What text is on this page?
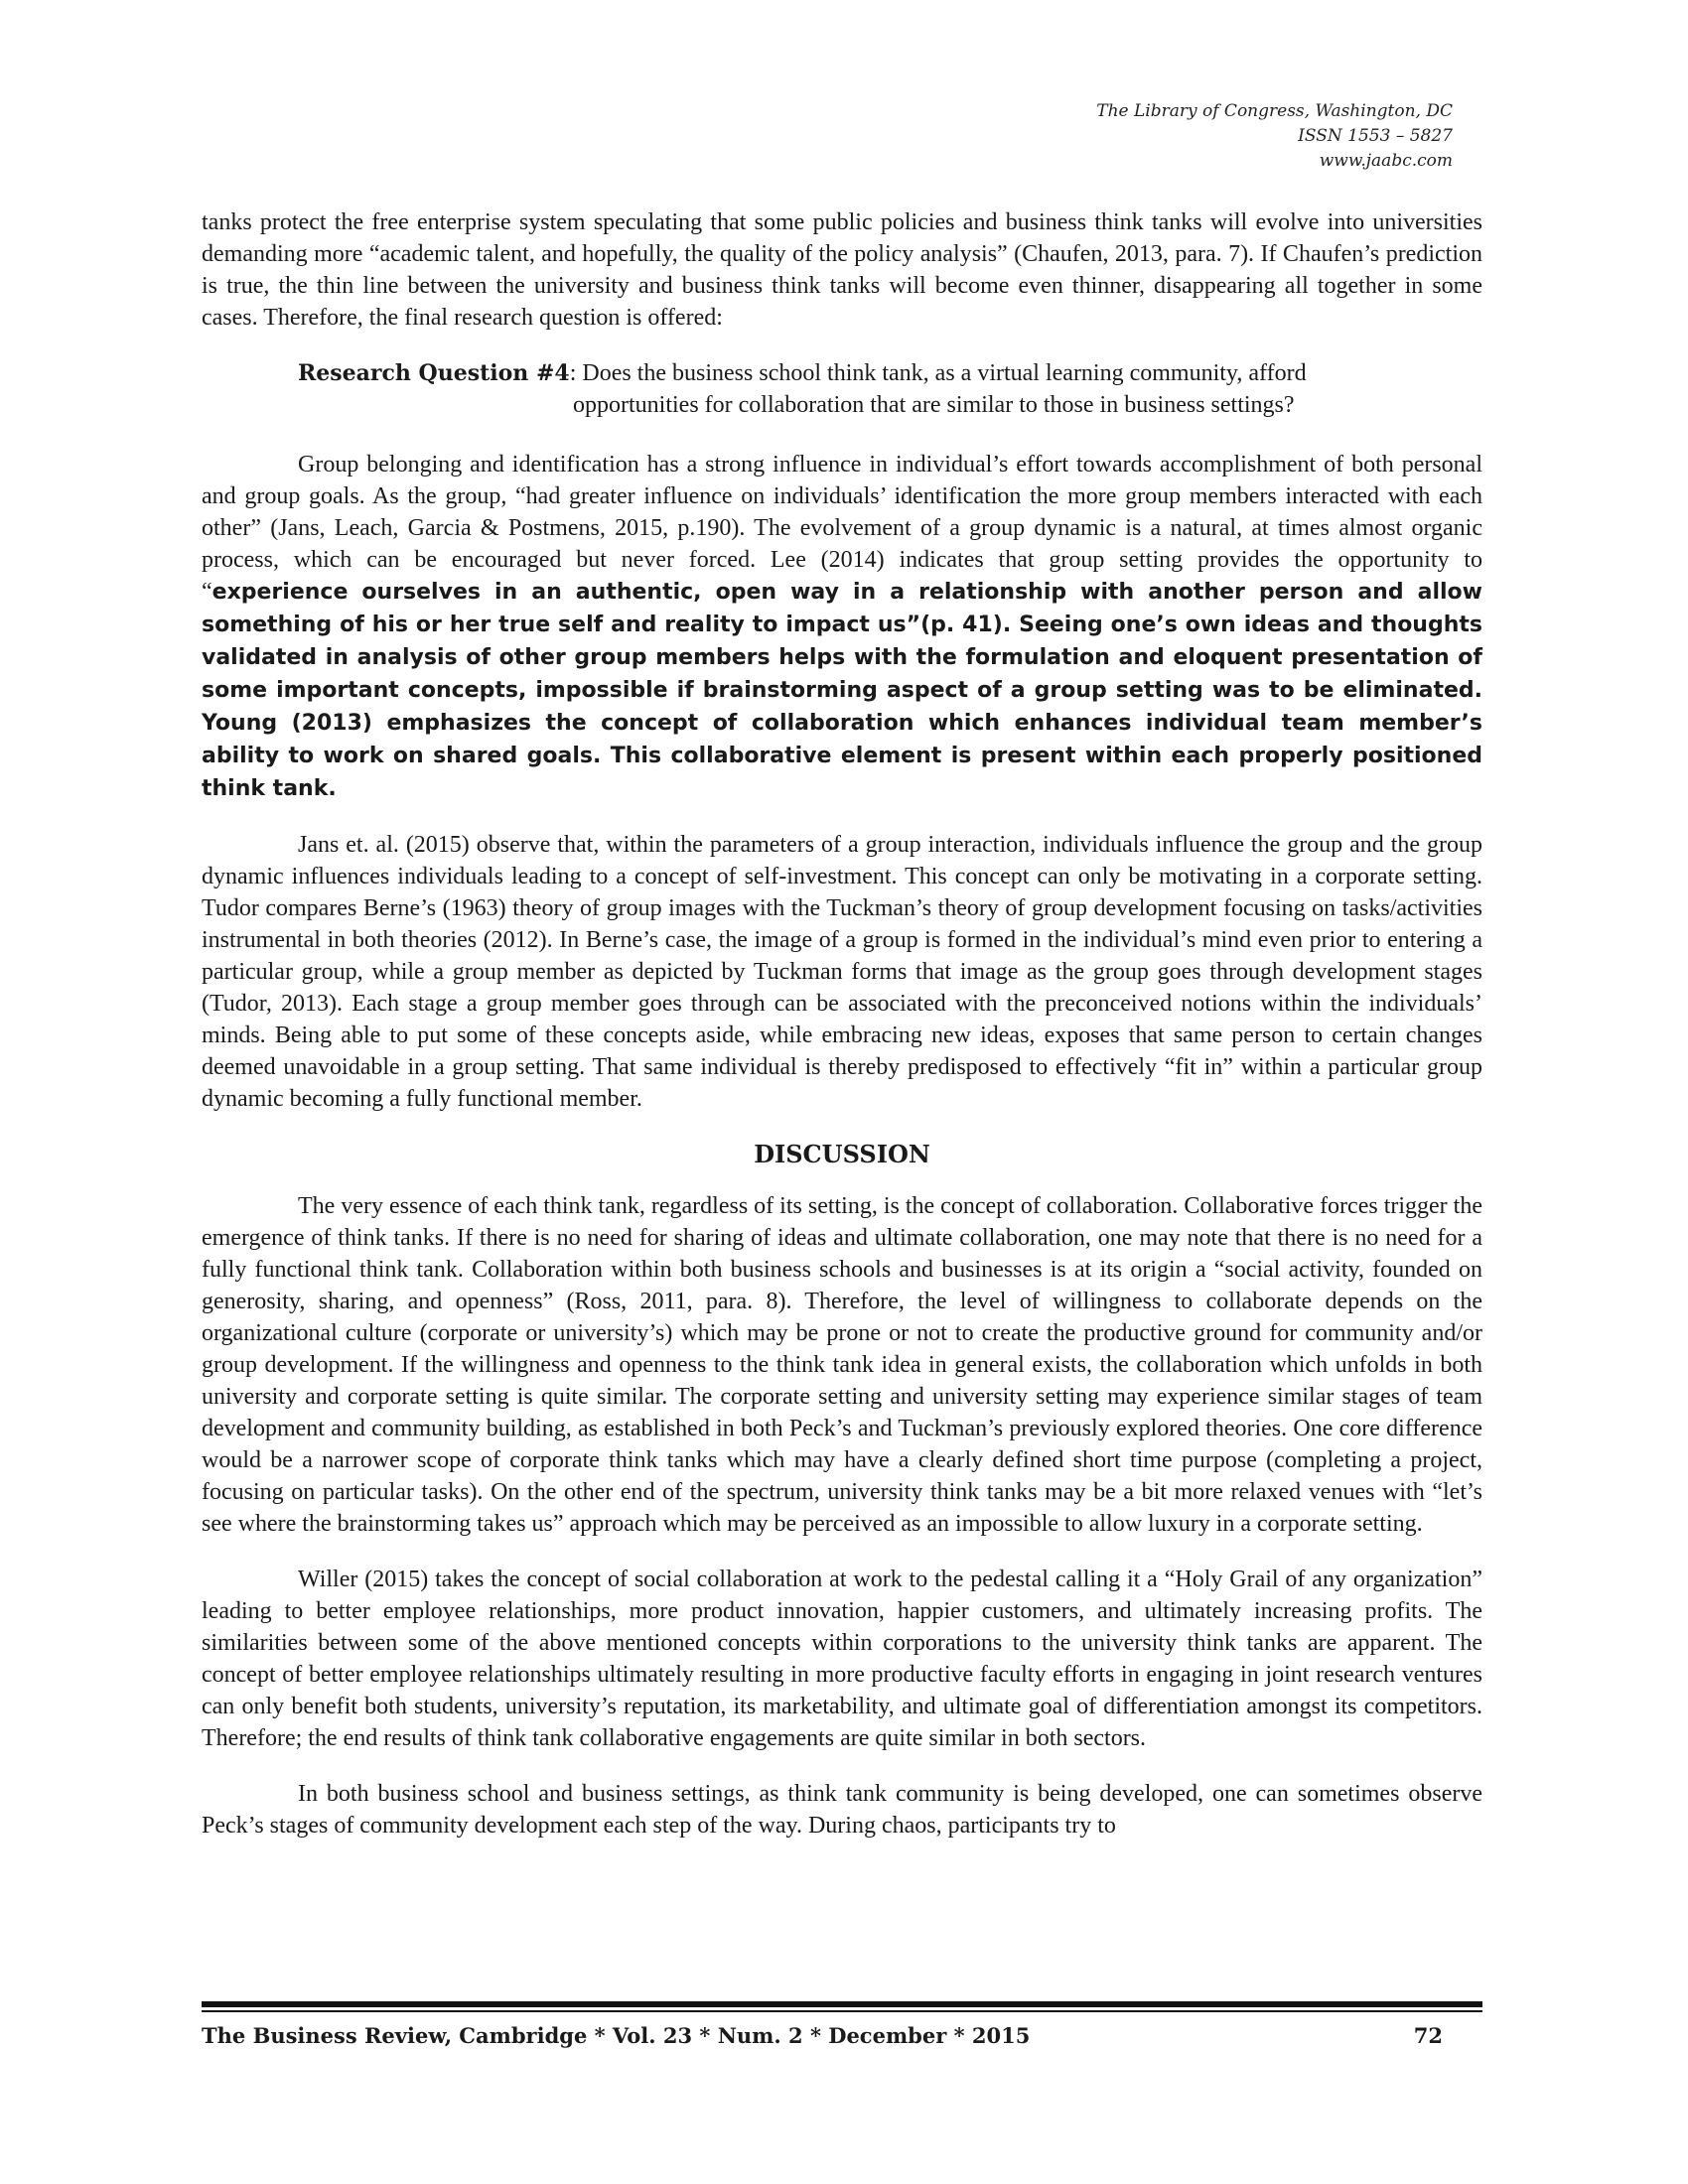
The Library of Congress, Washington, DC
ISSN 1553 – 5827
www.jaabc.com

tanks protect the free enterprise system speculating that some public policies and business think tanks will evolve into universities demanding more “academic talent, and hopefully, the quality of the policy analysis” (Chaufen, 2013, para. 7). If Chaufen’s prediction is true, the thin line between the university and business think tanks will become even thinner, disappearing all together in some cases. Therefore, the final research question is offered:

Research Question #4: Does the business school think tank, as a virtual learning community, afford
opportunities for collaboration that are similar to those in business settings?

Group belonging and identification has a strong influence in individual’s effort towards accomplishment of both personal and group goals. As the group, “had greater influence on individuals’ identification the more group members interacted with each other” (Jans, Leach, Garcia & Postmens, 2015, p.190). The evolvement of a group dynamic is a natural, at times almost organic process, which can be encouraged but never forced. Lee (2014) indicates that group setting provides the opportunity to “experience ourselves in an authentic, open way in a relationship with another person and allow something of his or her true self and reality to impact us”(p. 41). Seeing one’s own ideas and thoughts validated in analysis of other group members helps with the formulation and eloquent presentation of some important concepts, impossible if brainstorming aspect of a group setting was to be eliminated. Young (2013) emphasizes the concept of collaboration which enhances individual team member’s ability to work on shared goals. This collaborative element is present within each properly positioned think tank.

Jans et. al. (2015) observe that, within the parameters of a group interaction, individuals influence the group and the group dynamic influences individuals leading to a concept of self-investment. This concept can only be motivating in a corporate setting. Tudor compares Berne’s (1963) theory of group images with the Tuckman’s theory of group development focusing on tasks/activities instrumental in both theories (2012). In Berne’s case, the image of a group is formed in the individual’s mind even prior to entering a particular group, while a group member as depicted by Tuckman forms that image as the group goes through development stages (Tudor, 2013). Each stage a group member goes through can be associated with the preconceived notions within the individuals’ minds. Being able to put some of these concepts aside, while embracing new ideas, exposes that same person to certain changes deemed unavoidable in a group setting. That same individual is thereby predisposed to effectively “fit in” within a particular group dynamic becoming a fully functional member.

DISCUSSION

The very essence of each think tank, regardless of its setting, is the concept of collaboration. Collaborative forces trigger the emergence of think tanks. If there is no need for sharing of ideas and ultimate collaboration, one may note that there is no need for a fully functional think tank. Collaboration within both business schools and businesses is at its origin a “social activity, founded on generosity, sharing, and openness” (Ross, 2011, para. 8). Therefore, the level of willingness to collaborate depends on the organizational culture (corporate or university’s) which may be prone or not to create the productive ground for community and/or group development. If the willingness and openness to the think tank idea in general exists, the collaboration which unfolds in both university and corporate setting is quite similar. The corporate setting and university setting may experience similar stages of team development and community building, as established in both Peck’s and Tuckman’s previously explored theories. One core difference would be a narrower scope of corporate think tanks which may have a clearly defined short time purpose (completing a project, focusing on particular tasks). On the other end of the spectrum, university think tanks may be a bit more relaxed venues with “let’s see where the brainstorming takes us” approach which may be perceived as an impossible to allow luxury in a corporate setting.

Willer (2015) takes the concept of social collaboration at work to the pedestal calling it a “Holy Grail of any organization” leading to better employee relationships, more product innovation, happier customers, and ultimately increasing profits. The similarities between some of the above mentioned concepts within corporations to the university think tanks are apparent. The concept of better employee relationships ultimately resulting in more productive faculty efforts in engaging in joint research ventures can only benefit both students, university’s reputation, its marketability, and ultimate goal of differentiation amongst its competitors. Therefore; the end results of think tank collaborative engagements are quite similar in both sectors.

In both business school and business settings, as think tank community is being developed, one can sometimes observe Peck’s stages of community development each step of the way. During chaos, participants try to

The Business Review, Cambridge * Vol. 23 * Num. 2 * December * 2015	72
